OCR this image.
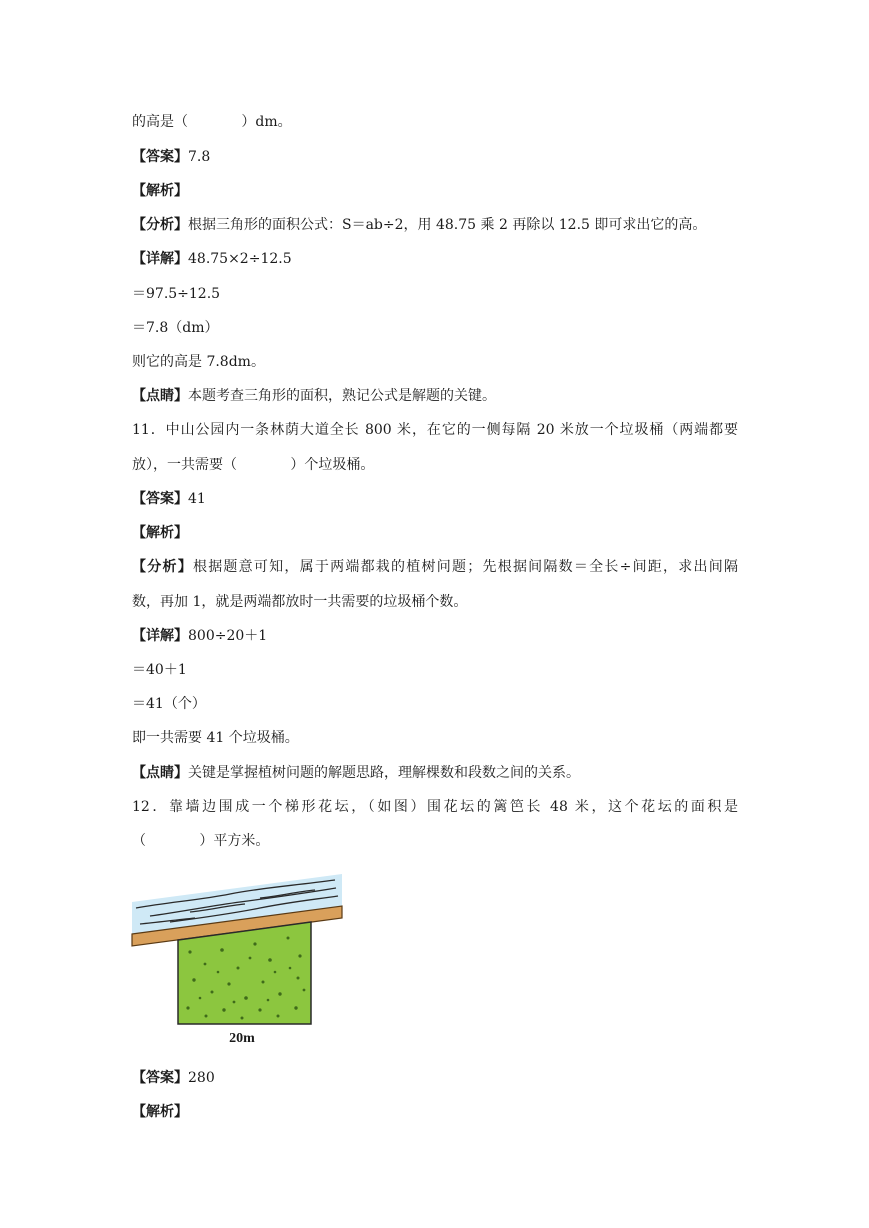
的高是（            ）dm。
【答案】7.8
【解析】
【分析】根据三角形的面积公式：S＝ab÷2，用 48.75 乘 2 再除以 12.5 即可求出它的高。
【详解】48.75×2÷12.5
＝97.5÷12.5
＝7.8（dm）
则它的高是 7.8dm。
【点睛】本题考查三角形的面积，熟记公式是解题的关键。
11．中山公园内一条林荫大道全长 800 米，在它的一侧每隔 20 米放一个垃圾桶（两端都要
放），一共需要（            ）个垃圾桶。
【答案】41
【解析】
【分析】根据题意可知，属于两端都栽的植树问题；先根据间隔数＝全长÷间距，求出间隔
数，再加 1，就是两端都放时一共需要的垃圾桶个数。
【详解】800÷20＋1
＝40＋1
＝41（个）
即一共需要 41 个垃圾桶。
【点睛】关键是掌握植树问题的解题思路，理解棵数和段数之间的关系。
12．靠墙边围成一个梯形花坛，（如图）围花坛的篱笆长 48 米，这个花坛的面积是
（            ）平方米。
20m
【答案】280
【解析】
